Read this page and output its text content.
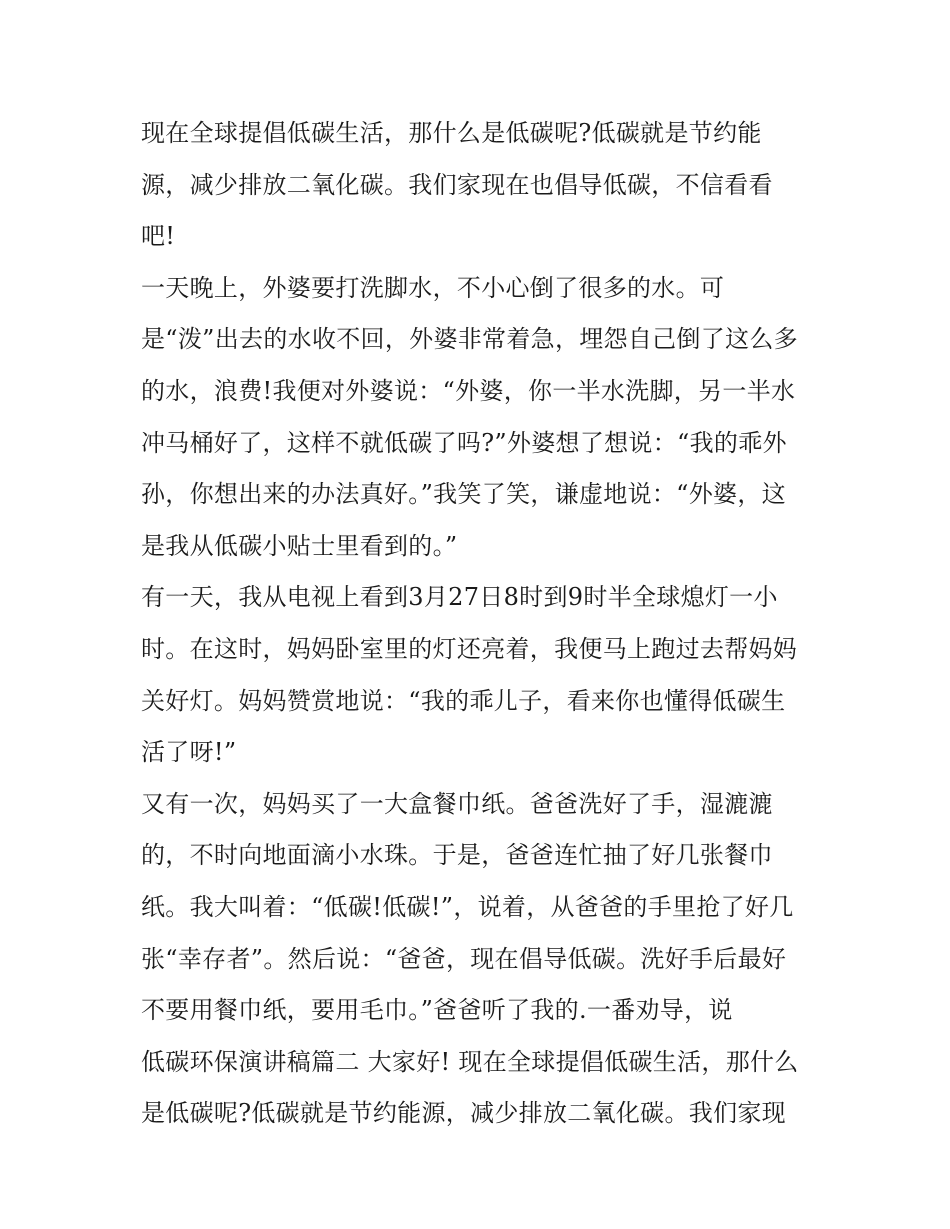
现在全球提倡低碳生活，那什么是低碳呢?低碳就是节约能
源，减少排放二氧化碳。我们家现在也倡导低碳，不信看看
吧!
一天晚上，外婆要打洗脚水，不小心倒了很多的水。可
是“泼”出去的水收不回，外婆非常着急，埋怨自己倒了这么多
的水，浪费!我便对外婆说：“外婆，你一半水洗脚，另一半水
冲马桶好了，这样不就低碳了吗?”外婆想了想说：“我的乖外
孙，你想出来的办法真好。”我笑了笑，谦虚地说：“外婆，这
是我从低碳小贴士里看到的。”
有一天，我从电视上看到3月27日8时到9时半全球熄灯一小
时。在这时，妈妈卧室里的灯还亮着，我便马上跑过去帮妈妈
关好灯。妈妈赞赏地说：“我的乖儿子，看来你也懂得低碳生
活了呀!”
又有一次，妈妈买了一大盒餐巾纸。爸爸洗好了手，湿漉漉
的，不时向地面滴小水珠。于是，爸爸连忙抽了好几张餐巾
纸。我大叫着：“低碳!低碳!”，说着，从爸爸的手里抢了好几
张“幸存者”。然后说：“爸爸，现在倡导低碳。洗好手后最好
不要用餐巾纸，要用毛巾。”爸爸听了我的.一番劝导，说
低碳环保演讲稿篇二 大家好! 现在全球提倡低碳生活，那什么
是低碳呢?低碳就是节约能源，减少排放二氧化碳。我们家现
